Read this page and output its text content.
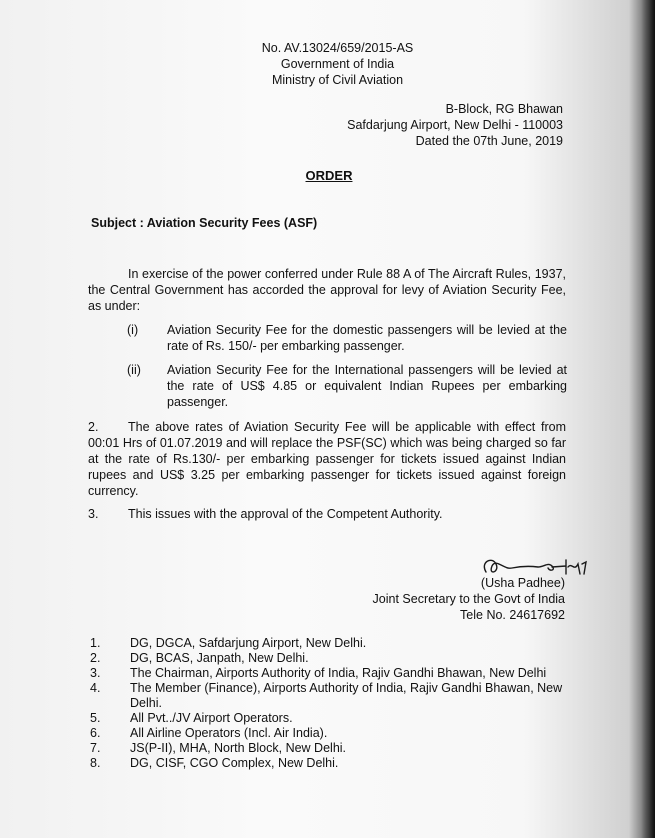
No. AV.13024/659/2015-AS
Government of India
Ministry of Civil Aviation
B-Block, RG Bhawan
Safdarjung Airport, New Delhi - 110003
Dated the 07th June, 2019
ORDER
Subject : Aviation Security Fees (ASF)
In exercise of the power conferred under Rule 88 A of The Aircraft Rules, 1937, the Central Government has accorded the approval for levy of Aviation Security Fee, as under:
(i)	Aviation Security Fee for the domestic passengers will be levied at the rate of Rs. 150/- per embarking passenger.
(ii)	Aviation Security Fee for the International passengers will be levied at the rate of US$ 4.85 or equivalent Indian Rupees per embarking passenger.
2. The above rates of Aviation Security Fee will be applicable with effect from 00:01 Hrs of 01.07.2019 and will replace the PSF(SC) which was being charged so far at the rate of Rs.130/- per embarking passenger for tickets issued against Indian rupees and US$ 3.25 per embarking passenger for tickets issued against foreign currency.
3. This issues with the approval of the Competent Authority.
(Usha Padhee)
Joint Secretary to the Govt of India
Tele No. 24617692
1. DG, DGCA, Safdarjung Airport, New Delhi.
2. DG, BCAS, Janpath, New Delhi.
3. The Chairman, Airports Authority of India, Rajiv Gandhi Bhawan, New Delhi
4. The Member (Finance), Airports Authority of India, Rajiv Gandhi Bhawan, New Delhi.
5. All Pvt../JV Airport Operators.
6. All Airline Operators (Incl. Air India).
7. JS(P-II), MHA, North Block, New Delhi.
8. DG, CISF, CGO Complex, New Delhi.
